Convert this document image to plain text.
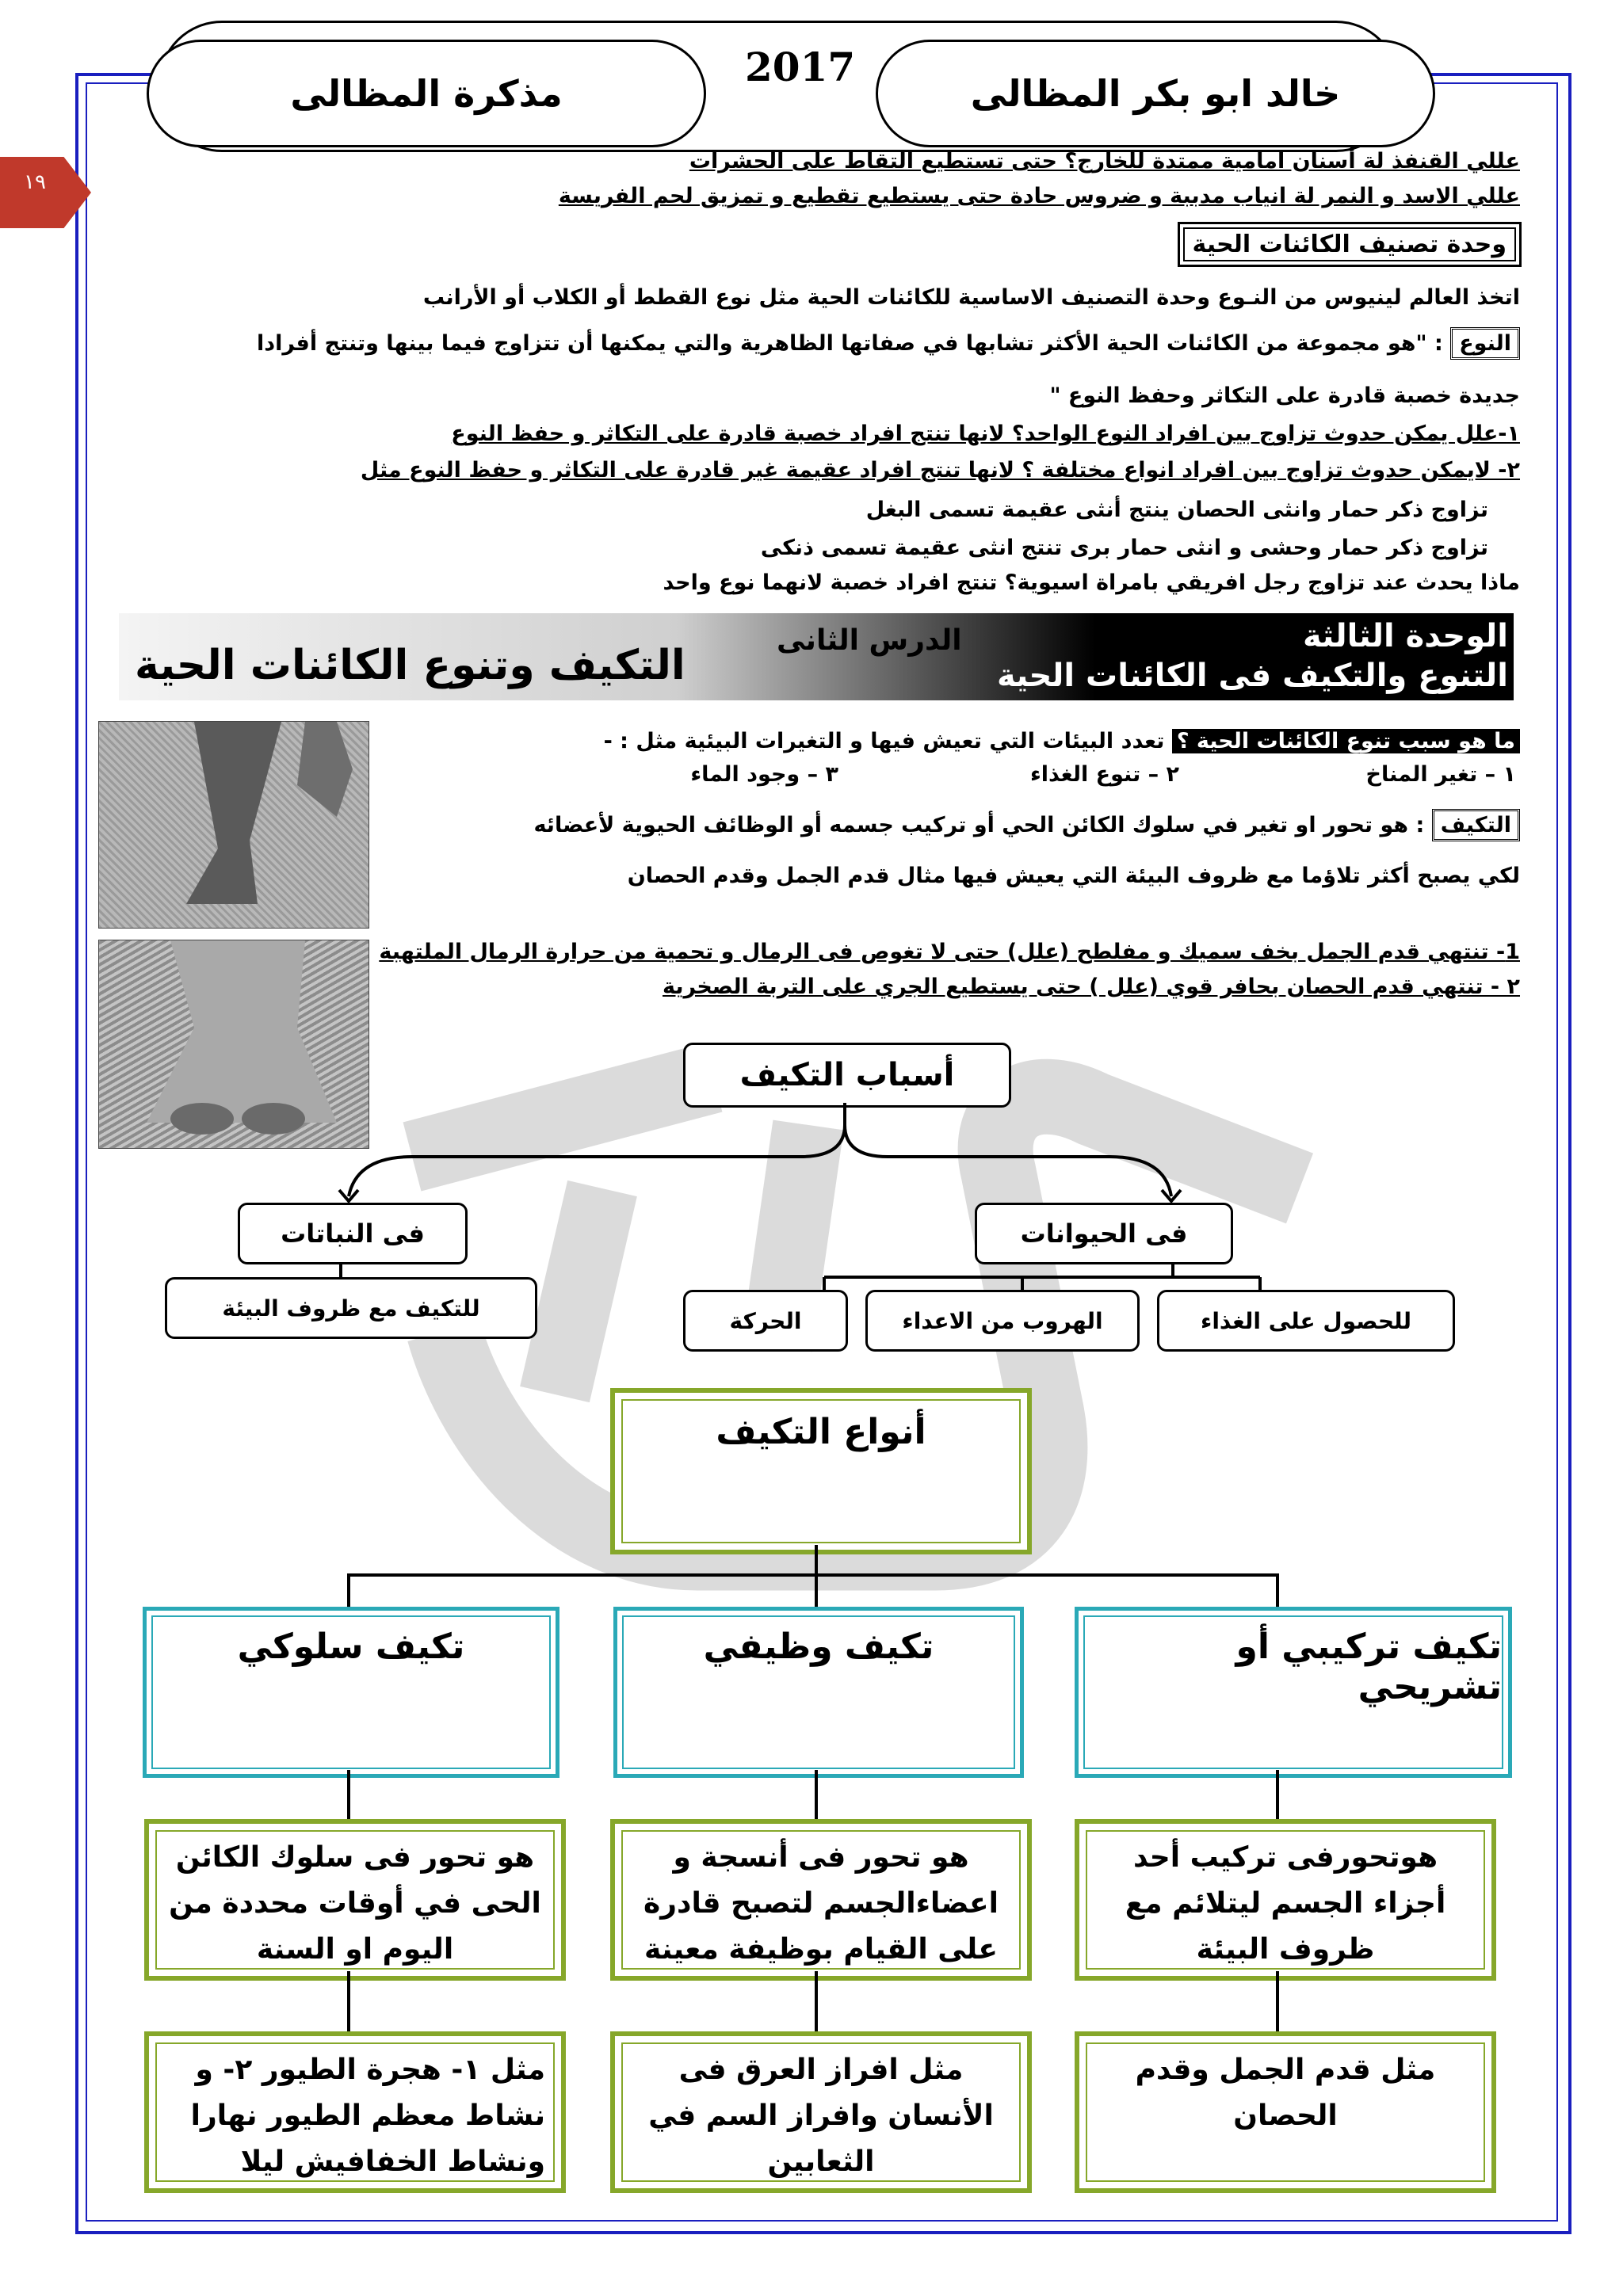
مذكرة المظالى	خالد ابو بكر المظالى
2017
١٩
عللي القنفذ لة أسنان امامية ممتدة للخارج؟ حتى تستطيع التقاط على الحشرات
عللي الاسد و النمر لة انياب مدببة و ضروس حادة حتى يستطيع تقطيع و تمزيق لحم الفريسة
وحدة تصنيف الكائنات الحية
اتخذ العالم لينيوس من النـوع وحدة التصنيف الاساسية للكائنات الحية مثل نوع القطط أو الكلاب أو الأرانب
النوع : "هو مجموعة من الكائنات الحية الأكثر تشابها في صفاتها الظاهرية والتي يمكنها أن تتزاوج فيما بينها وتنتج أفرادا
جديدة خصبة قادرة على التكاثر وحفظ النوع "
١-علل يمكن حدوث تزاوج بين افراد النوع الواحد؟ لانها تنتج افراد خصبة قادرة على التكاثر و حفظ النوع
٢- لايمكن حدوث تزاوج بين افراد انواع مختلفة ؟ لانها تنتج افراد عقيمة غير قادرة على التكاثر و حفظ النوع مثل
تزاوج ذكر حمار وانثى الحصان ينتج أنثى عقيمة تسمى البغل
تزاوج ذكر حمار وحشى و انثى حمار برى تنتج انثى عقيمة تسمى ذنكى
ماذا يحدث عند تزاوج رجل افريقي بامراة اسيوية؟ تنتج افراد خصبة لانهما نوع واحد
الوحدة الثالثة
التنوع والتكيف فى الكائنات الحية
الدرس الثانى
التكيف وتنوع الكائنات الحية
ما هو سبب تنوع الكائنات الحية ؟ تعدد البيئات التي تعيش فيها و التغيرات البيئية مثل : -
١ – تغير المناخ
٢ – تنوع الغذاء
٣ – وجود الماء
التكيف : هو تحور او تغير في سلوك الكائن الحي أو تركيب جسمه أو الوظائف الحيوية لأعضائه
لكي يصبح أكثر تلاؤما مع ظروف البيئة التي يعيش فيها مثال قدم الجمل وقدم الحصان
1- تنتهي قدم الجمل بخف سميك و مفلطح (علل) حتى لا تغوص فى الرمال و تحمية من حرارة الرمال الملتهبة
٢ - تنتهي قدم الحصان بحافر قوي (علل ) حتى يستطيع الجري على التربة الصخرية
أسباب التكيف
فى النباتات	فى الحيوانات
للتكيف مع ظروف البيئة	للحصول على الغذاء
الهروب من الاعداء
الحركة
أنواع التكيف
تكيف تركيبي أو تشريحي
تكيف وظيفي
تكيف سلوكي
هوتحورفى تركيب أحد أجزاء الجسم ليتلائم مع ظروف البيئة
هو تحور فى أنسجة و اعضاءالجسم لتصبح قادرة على القيام بوظيفة معينة
هو تحور فى سلوك الكائن الحى في أوقات محددة من اليوم او السنة
مثل قدم الجمل وقدم الحصان
مثل افراز العرق فى الأنسان وافراز السم في الثعابين
مثل ١- هجرة الطيور ٢- و نشاط معظم الطيور نهارا ونشاط الخفافيش ليلا
